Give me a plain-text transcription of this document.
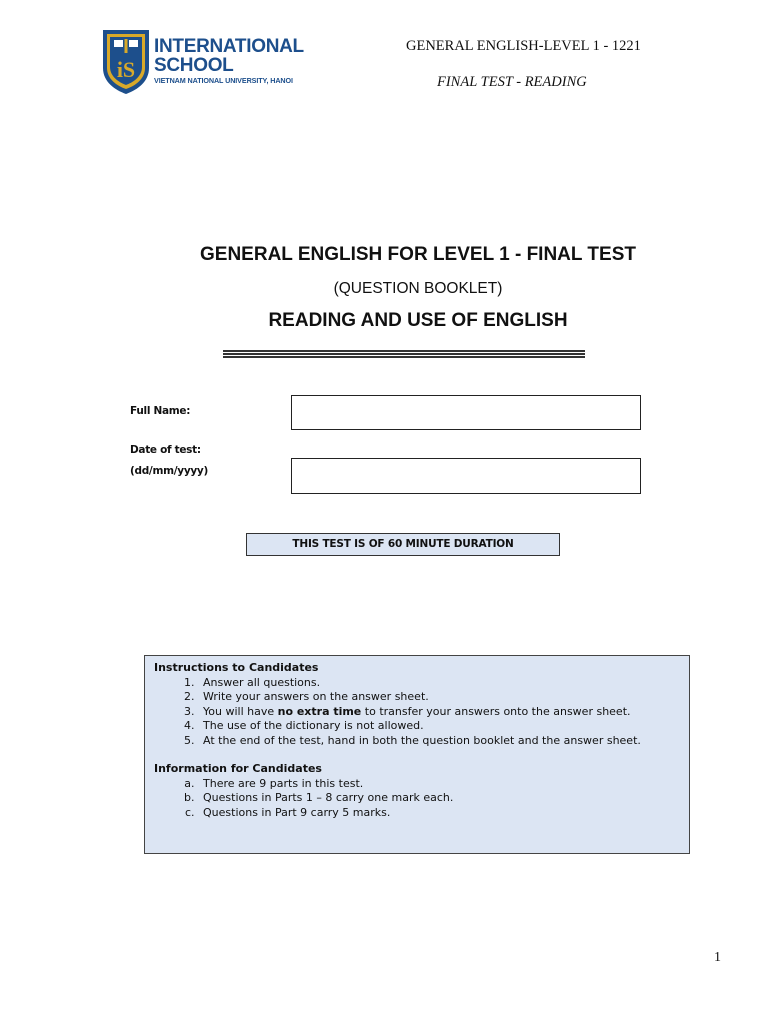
iS
INTERNATIONAL
SCHOOL
VIETNAM NATIONAL UNIVERSITY, HANOI
GENERAL ENGLISH-LEVEL 1 - 1221
FINAL TEST - READING
GENERAL ENGLISH FOR LEVEL 1 - FINAL TEST
(QUESTION BOOKLET)
READING AND USE OF ENGLISH
Full Name:
Date of test:
(dd/mm/yyyy)
THIS TEST IS OF 60 MINUTE DURATION
Instructions to Candidates
1. Answer all questions.
2. Write your answers on the answer sheet.
3. You will have no extra time to transfer your answers onto the answer sheet.
4. The use of the dictionary is not allowed.
5. At the end of the test, hand in both the question booklet and the answer sheet.
Information for Candidates
a. There are 9 parts in this test.
b. Questions in Parts 1 – 8 carry one mark each.
c. Questions in Part 9 carry 5 marks.
1
